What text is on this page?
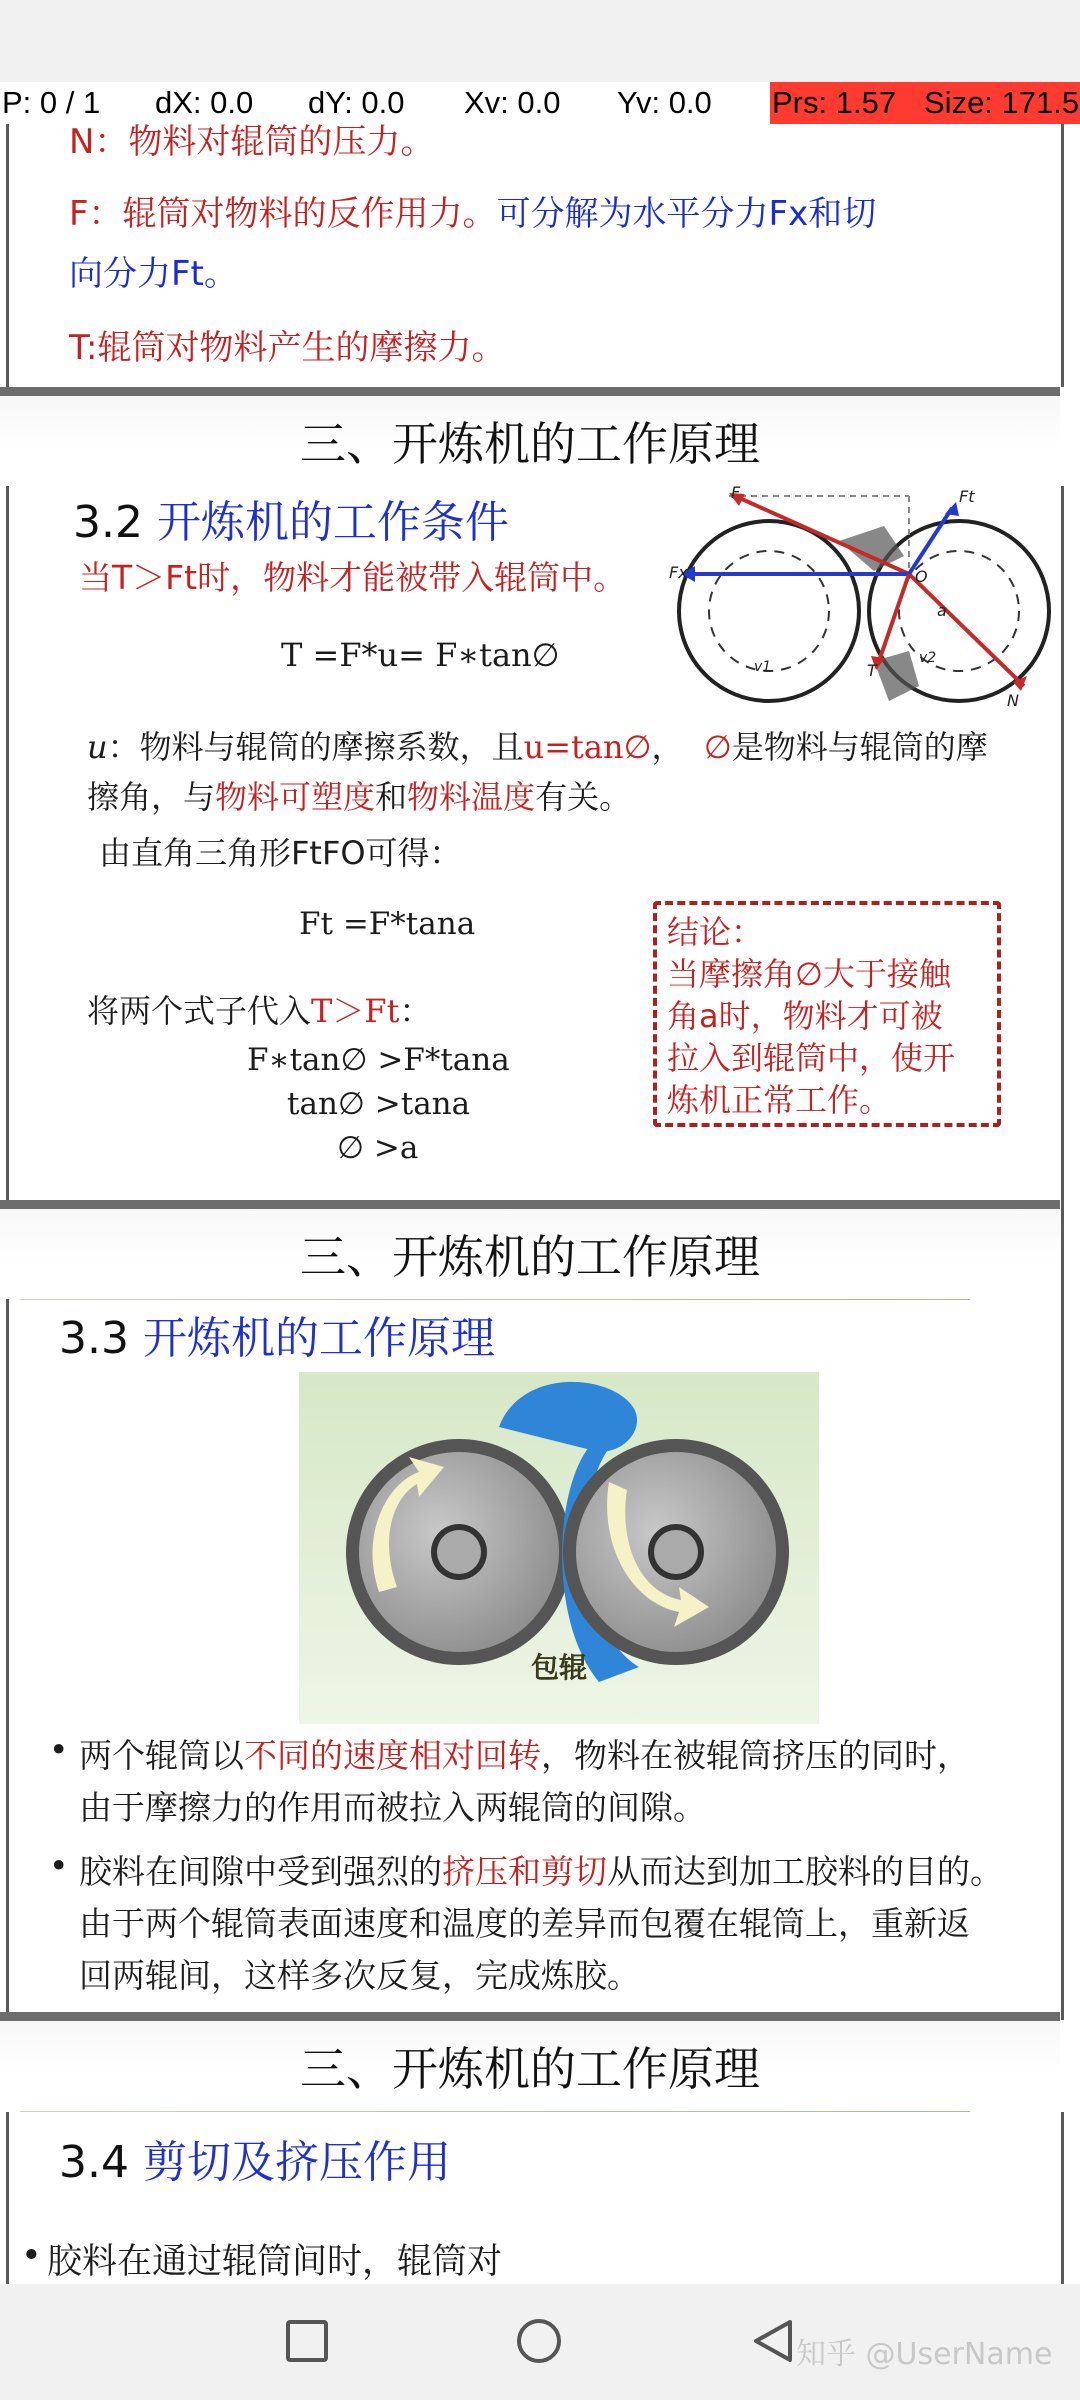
P: 0 / 1 dX: 0.0 dY: 0.0 Xv: 0.0 Yv: 0.0 Prs: 1.57 Size: 171.5
N：物料对辊筒的压力。
F：辊筒对物料的反作用力。可分解为水平分力Fx和切
向分力Ft。
T:辊筒对物料产生的摩擦力。
三、开炼机的工作原理
3.2 开炼机的工作条件
当T＞Ft时，物料才能被带入辊筒中。
T =F*u= F∗tan∅
F	Ft
Fx	O
a
N
T
v1
v2
u：物料与辊筒的摩擦系数，且u=tan∅， ∅是物料与辊筒的摩
擦角，与物料可塑度和物料温度有关。
由直角三角形FtFO可得：
Ft =F*tana
将两个式子代入T＞Ft：
F∗tan∅ >F*tana
tan∅ >tana
∅ >a
结论：
当摩擦角∅大于接触
角a时，物料才可被
拉入到辊筒中，使开
炼机正常工作。
三、开炼机的工作原理
3.3 开炼机的工作原理
包辊
• 两个辊筒以不同的速度相对回转，物料在被辊筒挤压的同时，
由于摩擦力的作用而被拉入两辊筒的间隙。
• 胶料在间隙中受到强烈的挤压和剪切从而达到加工胶料的目的。
由于两个辊筒表面速度和温度的差异而包覆在辊筒上，重新返
回两辊间，这样多次反复，完成炼胶。
三、开炼机的工作原理
3.4 剪切及挤压作用
• 胶料在通过辊筒间时，辊筒对
知乎 @UserName
